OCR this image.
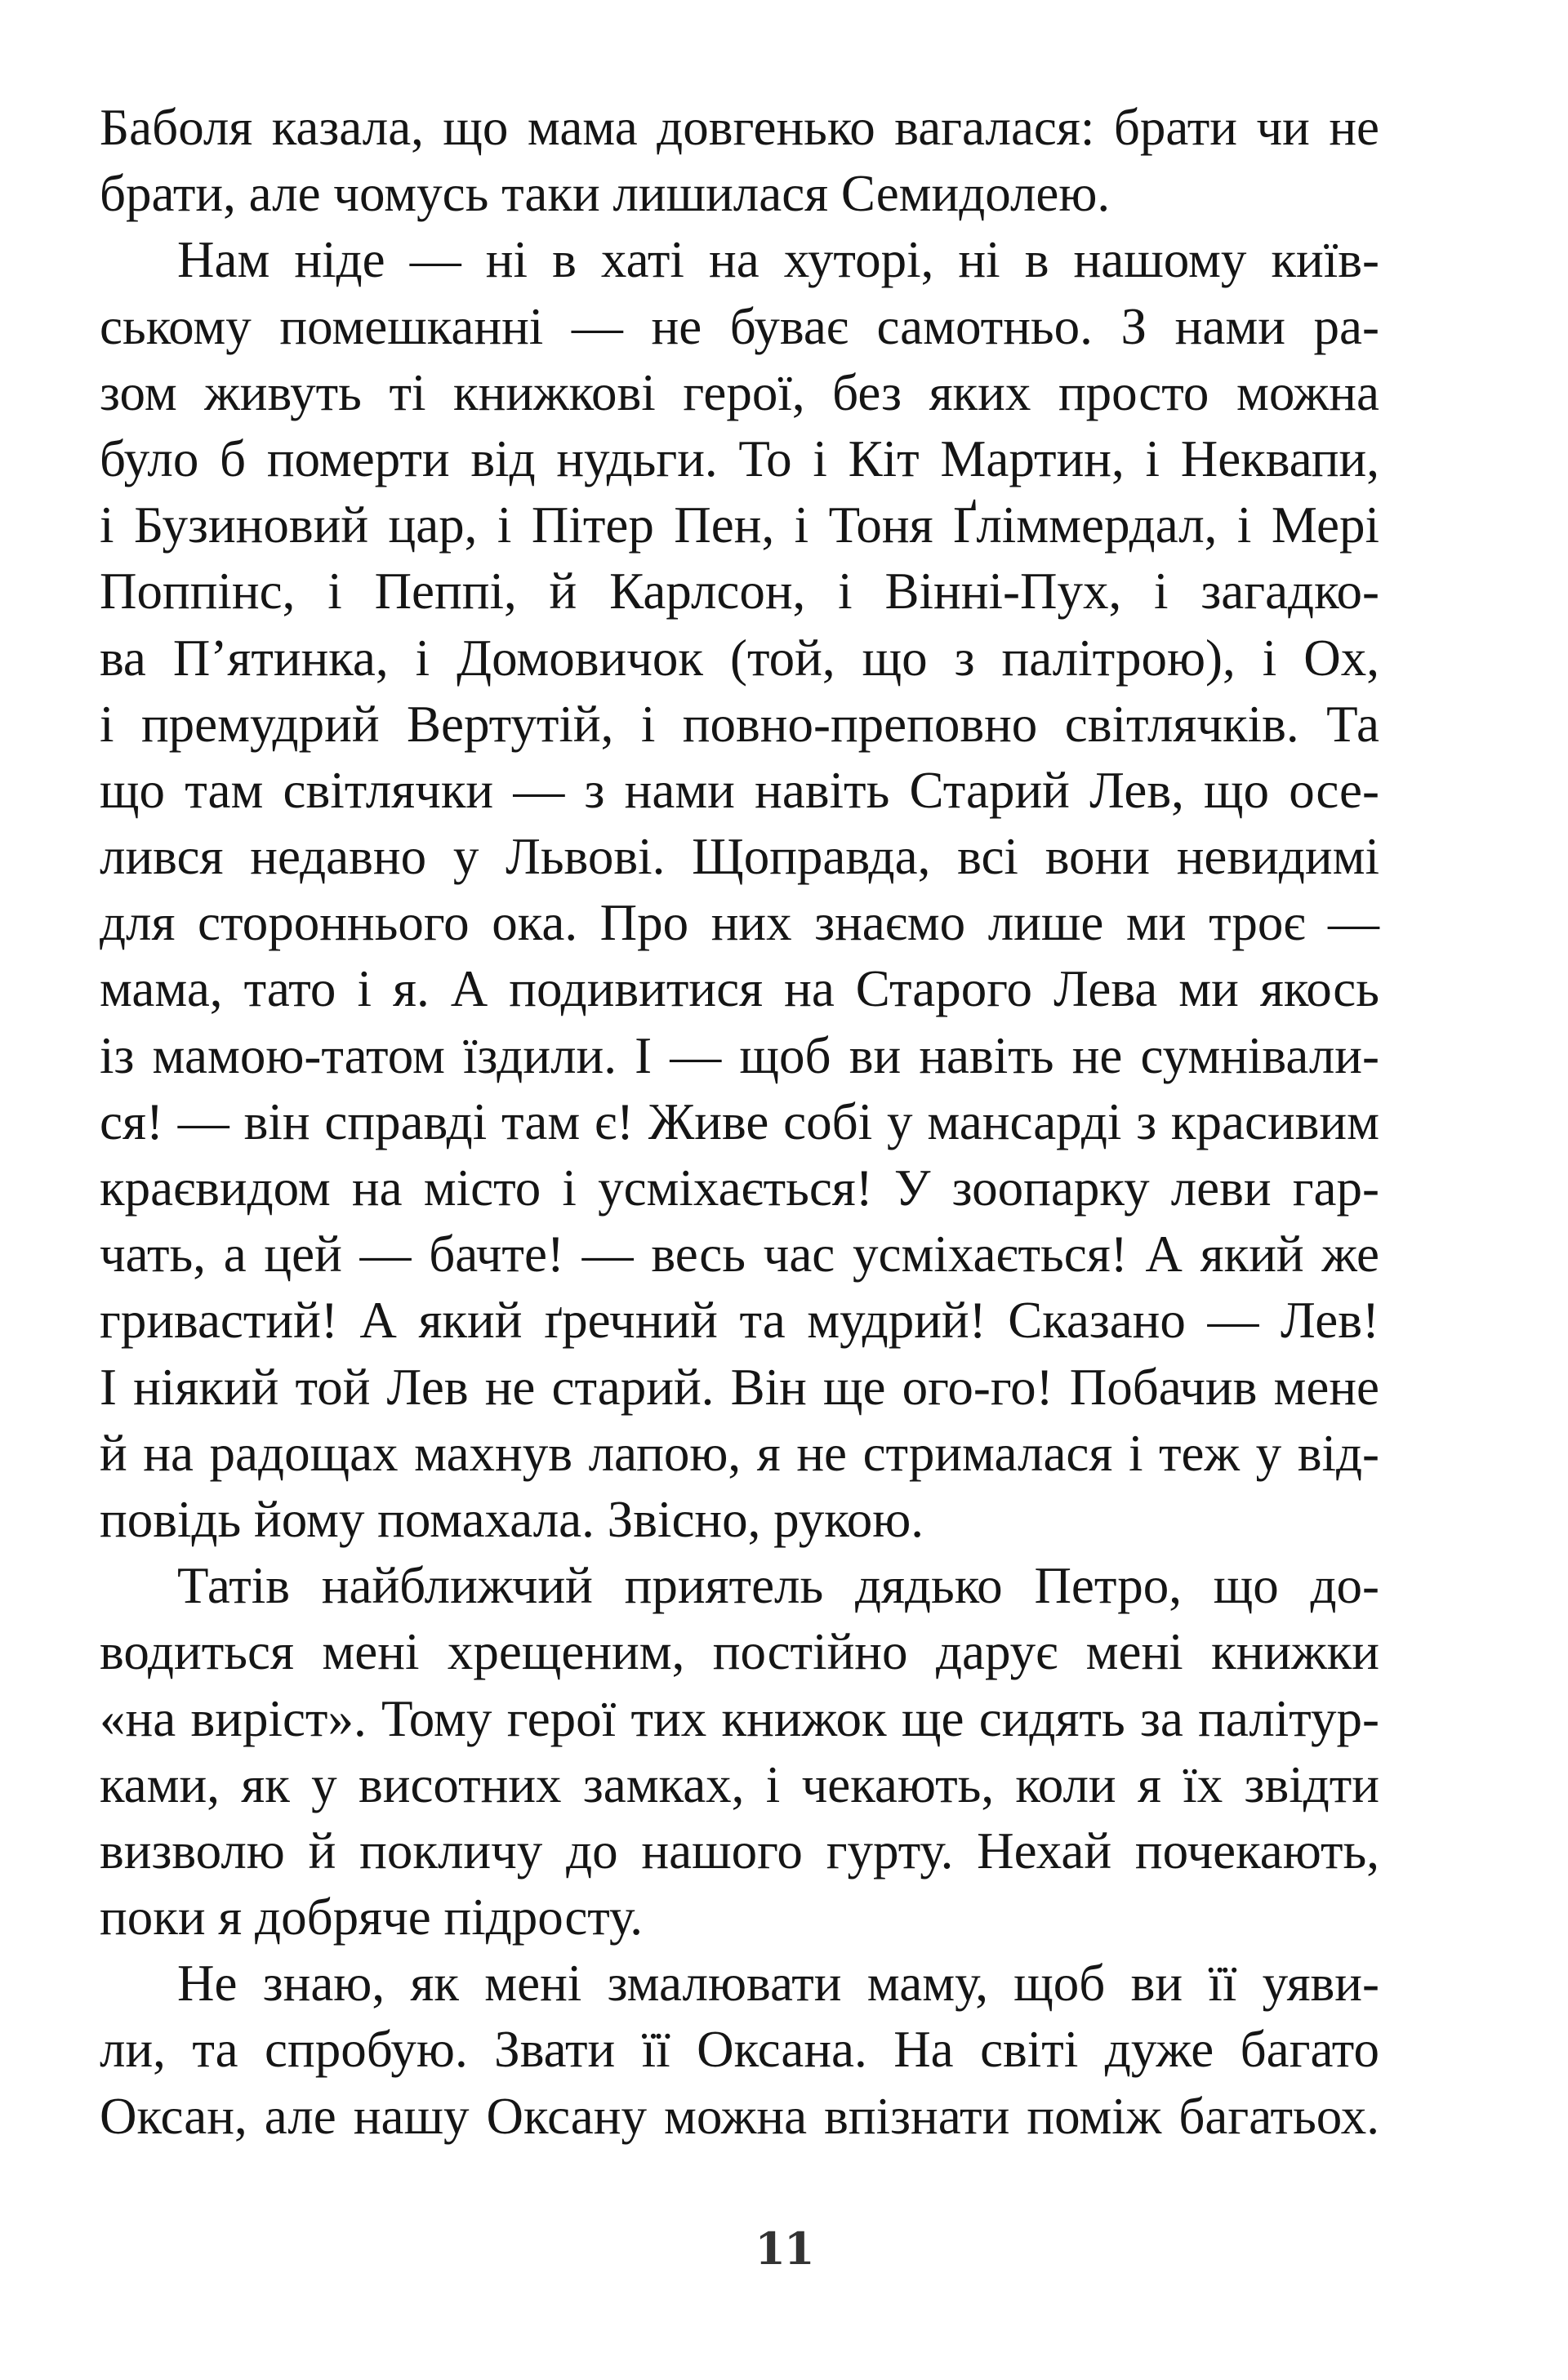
Баболя казала, що мама довгенько вагалася: брати чи не
брати, але чомусь таки лишилася Семидолею.
Нам ніде — ні в хаті на хуторі, ні в нашому київ-
ському помешканні — не буває самотньо. З нами ра-
зом живуть ті книжкові герої, без яких просто можна
було б померти від нудьги. То і Кіт Мартин, і Неквапи,
і Бузиновий цар, і Пітер Пен, і Тоня Ґліммердал, і Мері
Поппінс, і Пеппі, й Карлсон, і Вінні-Пух, і загадко-
ва П’ятинка, і Домовичок (той, що з палітрою), і Ох,
і премудрий Вертутій, і повно-преповно світлячків. Та
що там світлячки — з нами навіть Старий Лев, що осе-
лився недавно у Львові. Щоправда, всі вони невидимі
для стороннього ока. Про них знаємо лише ми троє —
мама, тато і я. А подивитися на Старого Лева ми якось
із мамою-татом їздили. І — щоб ви навіть не сумнівали-
ся! — він справді там є! Живе собі у мансарді з красивим
краєвидом на місто і усміхається! У зоопарку леви гар-
чать, а цей — бачте! — весь час усміхається! А який же
гривастий! А який ґречний та мудрий! Сказано — Лев!
І ніякий той Лев не старий. Він ще ого-го! Побачив мене
й на радощах махнув лапою, я не стрималася і теж у від-
повідь йому помахала. Звісно, рукою.
Татів найближчий приятель дядько Петро, що до-
водиться мені хрещеним, постійно дарує мені книжки
«на виріст». Тому герої тих книжок ще сидять за палітур-
ками, як у висотних замках, і чекають, коли я їх звідти
визволю й покличу до нашого гурту. Нехай почекають,
поки я добряче підросту.
Не знаю, як мені змалювати маму, щоб ви її уяви-
ли, та спробую. Звати її Оксана. На світі дуже багато
Оксан, але нашу Оксану можна впізнати поміж багатьох.
11
